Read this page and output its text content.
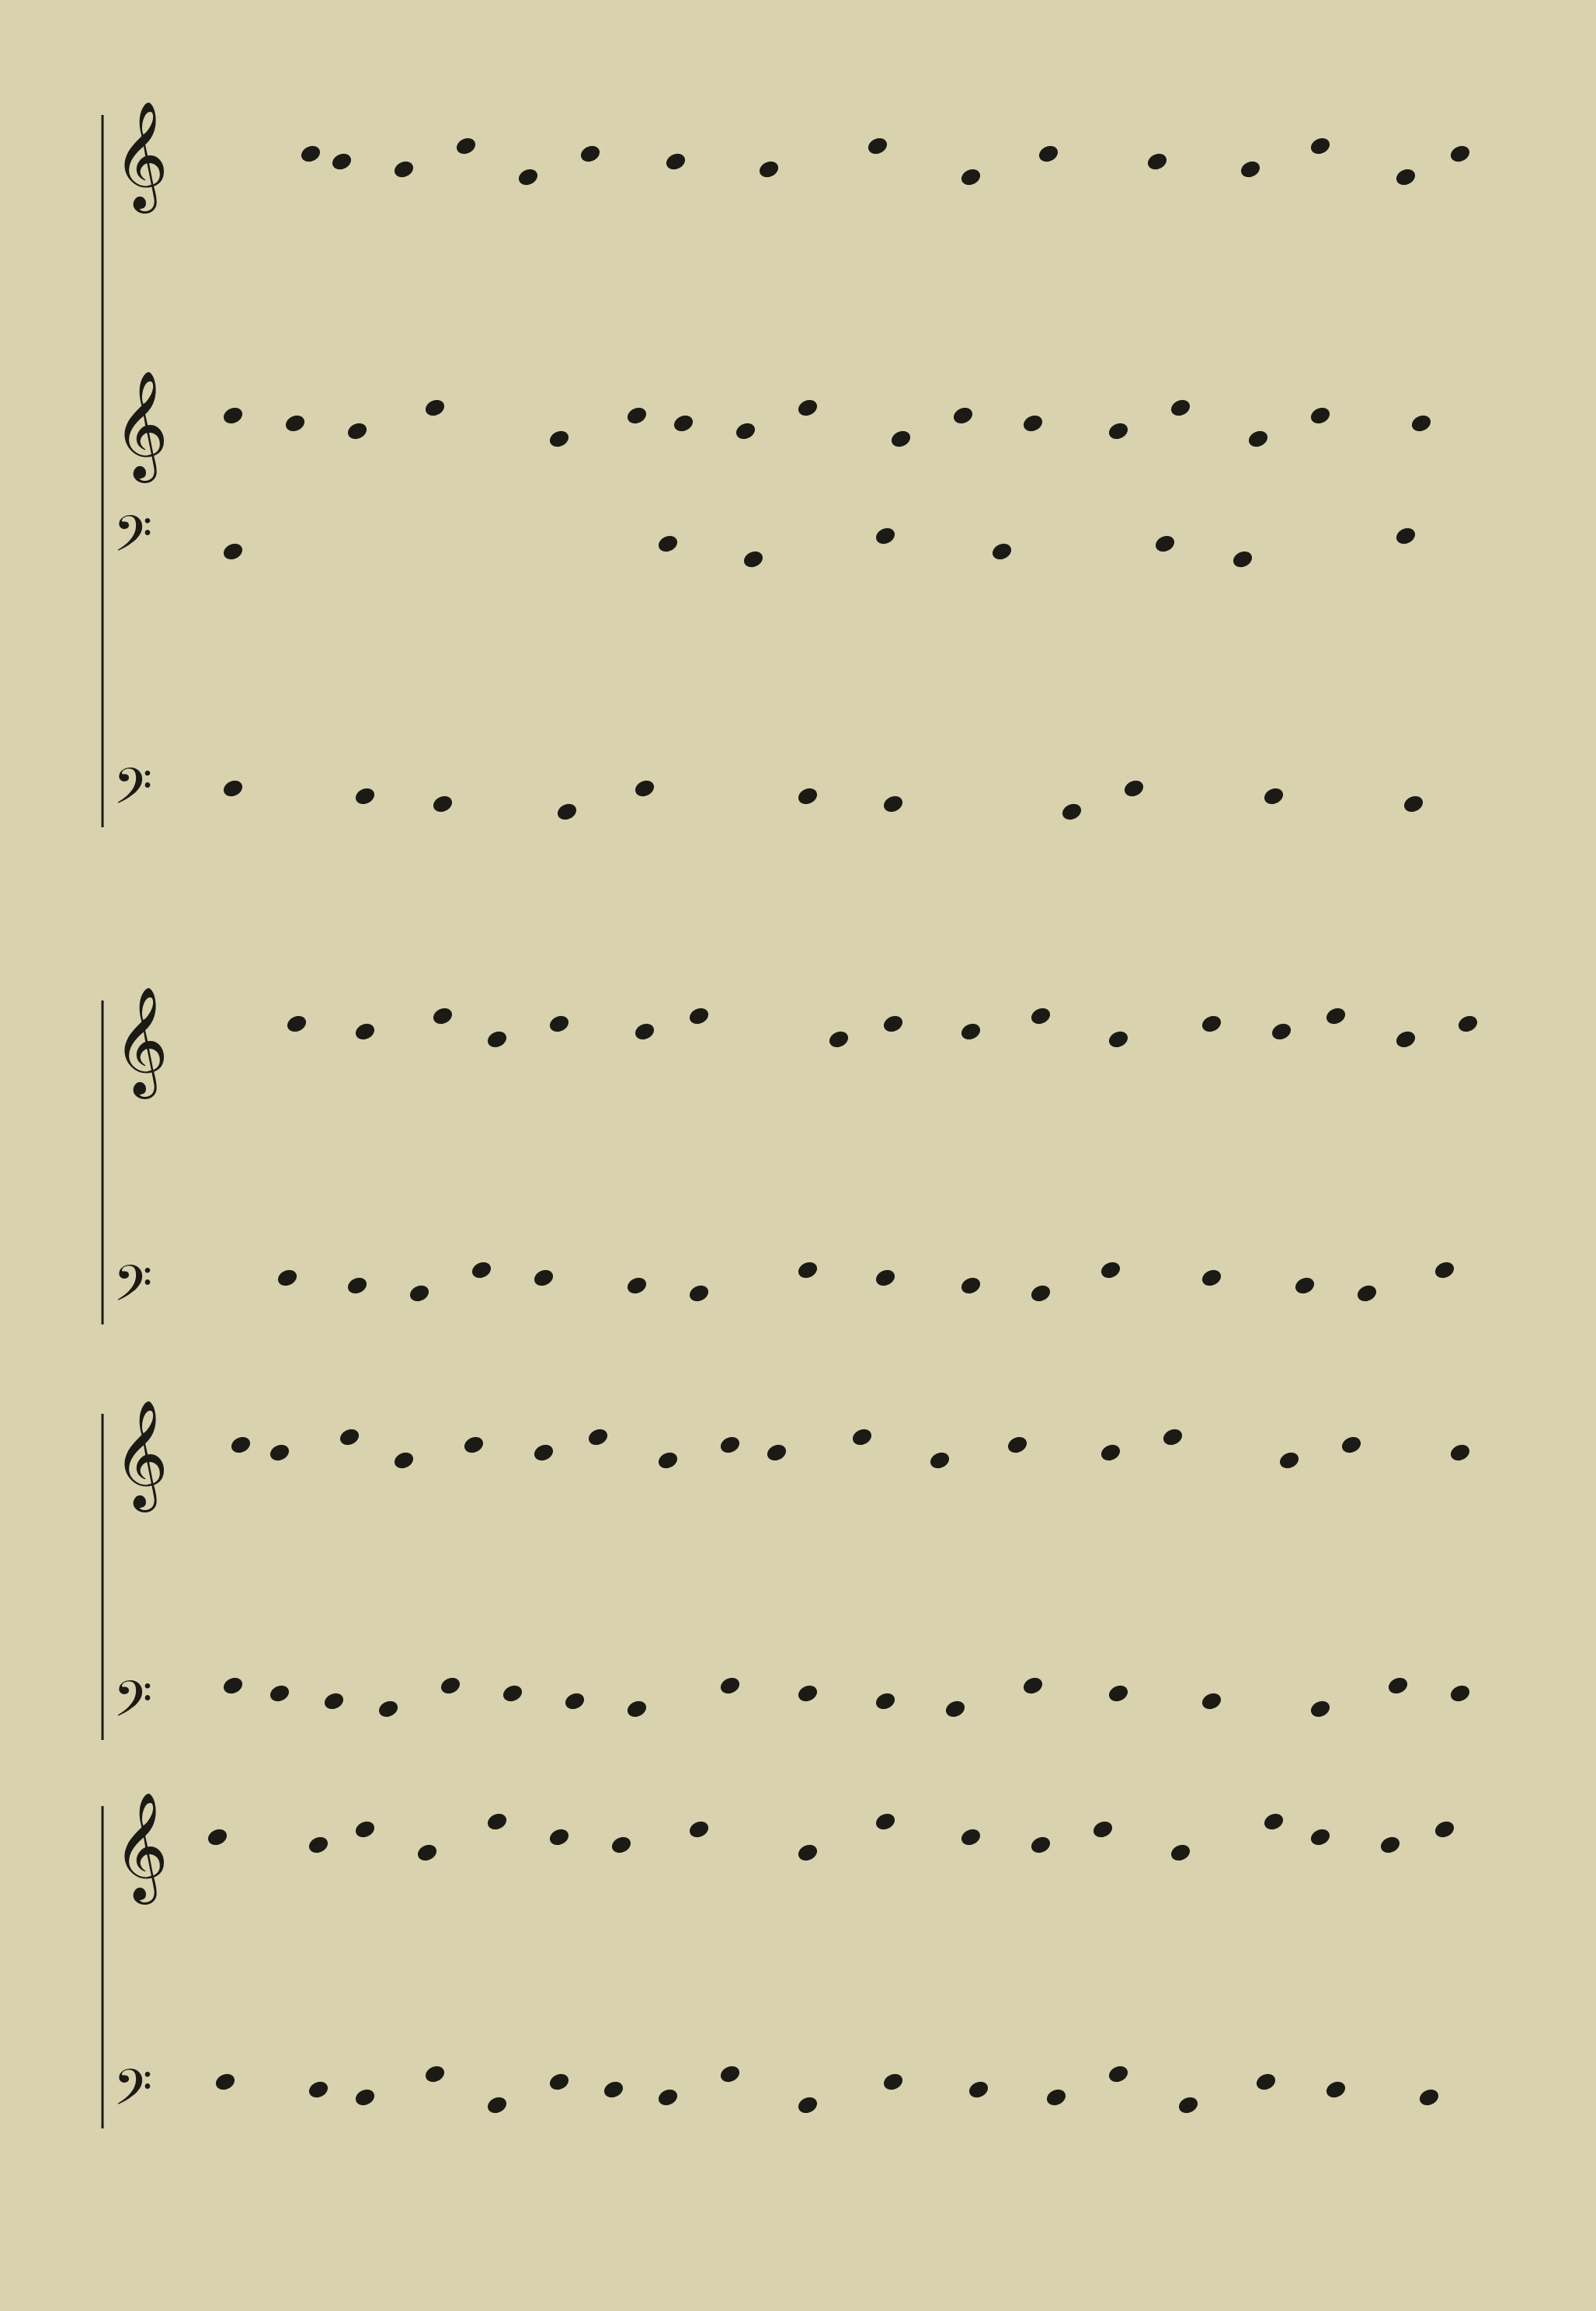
𝄞
𝄞
𝄞
𝄞
𝄞
𝄢
𝄢
𝄢
𝄢
𝄢
